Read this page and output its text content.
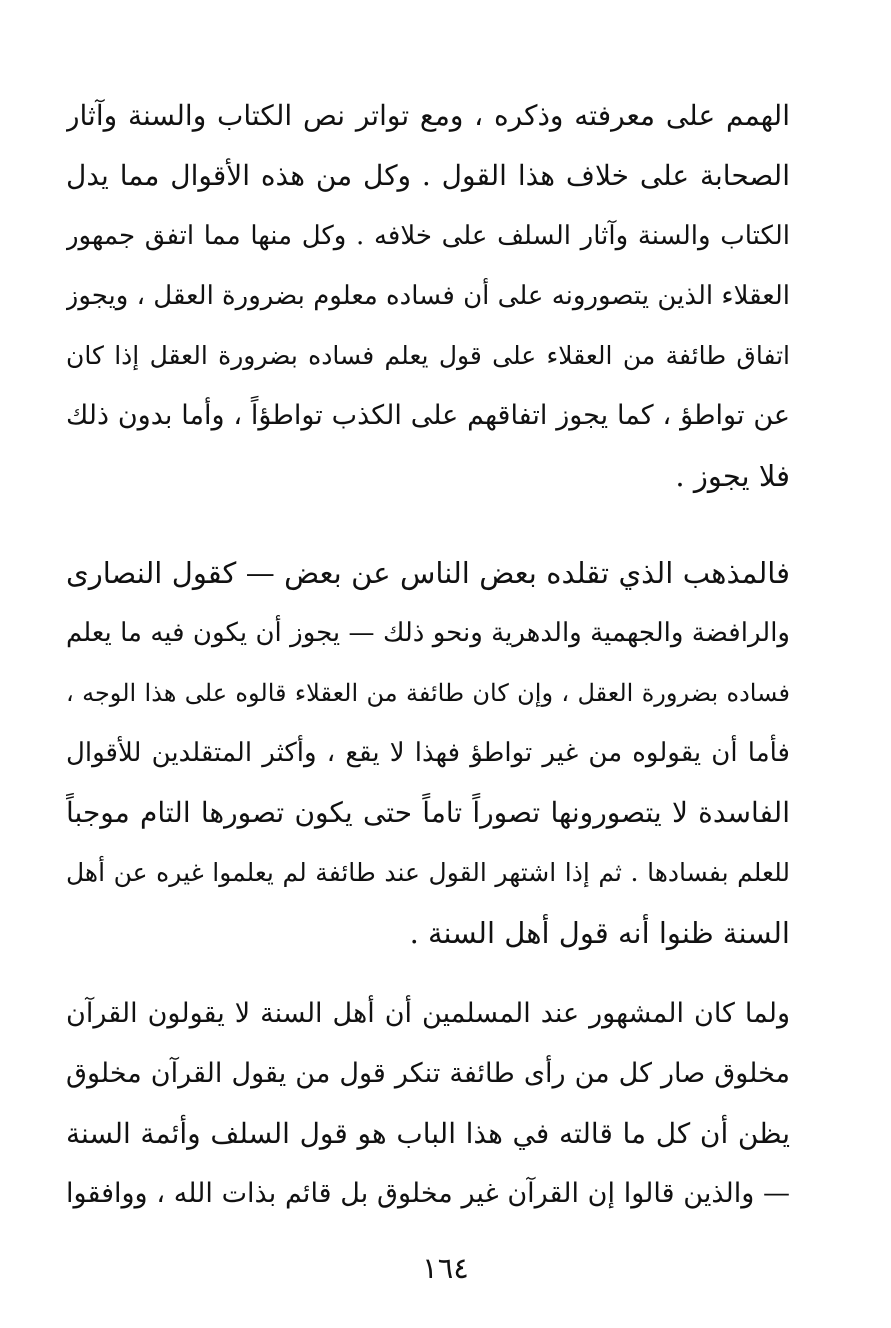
الهمم على معرفته وذكره ، ومع تواتر نص الكتاب والسنة وآثار
الصحابة على خلاف هذا القول . وكل من هذه الأقوال مما يدل
الكتاب والسنة وآثار السلف على خلافه . وكل منها مما اتفق جمهور
العقلاء الذين يتصورونه على أن فساده معلوم بضرورة العقل ، ويجوز
اتفاق طائفة من العقلاء على قول يعلم فساده بضرورة العقل إذا كان
عن تواطؤ ، كما يجوز اتفاقهم على الكذب تواطؤاً ، وأما بدون ذلك
فلا يجوز .
فالمذهب الذي تقلده بعض الناس عن بعض — كقول النصارى
والرافضة والجهمية والدهرية ونحو ذلك — يجوز أن يكون فيه ما يعلم
فساده بضرورة العقل ، وإن كان طائفة من العقلاء قالوه على هذا الوجه ،
فأما أن يقولوه من غير تواطؤ فهذا لا يقع ، وأكثر المتقلدين للأقوال
الفاسدة لا يتصورونها تصوراً تاماً حتى يكون تصورها التام موجباً
للعلم بفسادها . ثم إذا اشتهر القول عند طائفة لم يعلموا غيره عن أهل
السنة ظنوا أنه قول أهل السنة .
ولما كان المشهور عند المسلمين أن أهل السنة لا يقولون القرآن
مخلوق صار كل من رأى طائفة تنكر قول من يقول القرآن مخلوق
يظن أن كل ما قالته في هذا الباب هو قول السلف وأئمة السنة
— والذين قالوا إن القرآن غير مخلوق بل قائم بذات الله ، ووافقوا
١٦٤
